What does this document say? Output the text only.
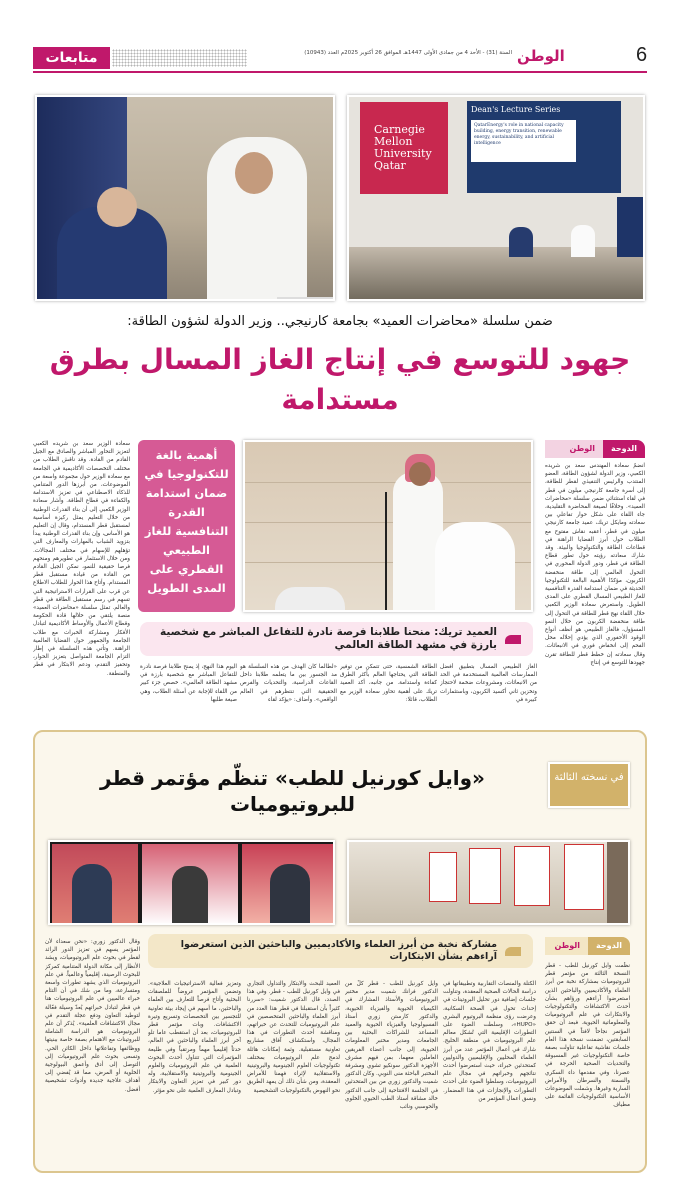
متابعات	السنة (31) - الأحد 4 من جمادى الأولى 1447هـ الموافق 26 أكتوبر 2025م العدد (10943) الوطن	6
Carnegie Mellon University Qatar
Dean's Lecture Series
QatarEnergy's role in national capacity building, energy transition, renewable energy, sustainability, and artificial intelligence
ضمن سلسلة «محاضرات العميد» بجامعة كارنيجي.. وزير الدولة لشؤون الطاقة:
جهود للتوسع في إنتاج الغاز المسال بطرق مستدامة
الدوحة
الوطن
انضمّ سعادة المهندس سعد بن شريده الكعبي، وزير الدولة لشؤون الطاقة، العضو المنتدب والرئيس التنفيذي لقطر للطاقة، إلى أسرة جامعة كارنيجي ميلون في قطر في لقاء استثنائي ضمن سلسلة «محاضرات العميد». وخلافًا لصيغة المحاضرة التقليدية، جاء اللقاء على شكل حوار تفاعلي بين سعادته ومايكل تريك، عميد جامعة كارنيجي ميلون في قطر، أعقبه نقاش مفتوح مع الطلاب حول أبرز القضايا الراهنة في قطاعات الطاقة والتكنولوجيا والبيئة. وقد شارك سعادته رؤيته حول تطور قطاع الطاقة في قطر، ودور الدولة المحوري في التحول العالمي إلى طاقة منخفضة الكربون، مؤكدًا الأهمية البالغة للتكنولوجيا الحديثة في ضمان استدامة القدرة التنافسية للغاز الطبيعي المسال القطري على المدى الطويل. واستعرض سعادة الوزير الكعبي خلال اللقاء نهج قطر للطاقة في التحول إلى طاقة منخفضة الكربون من خلال النمو المسؤول، فالغاز الطبيعي هو أنظف أنواع الوقود الأحفوري الذي يؤدي إحلاله محل الفحم إلى انخفاض فوري في الانبعاثات. وقال سعادته إن خطط قطر للطاقة تقرن جهودها للتوسع في إنتاج
أهمية بالغة للتكنولوجيا في ضمان استدامة القدرة التنافسية للغاز الطبيعي القطري على المدى الطويل
سعادة الوزير سعد بن شريده الكعبي لتعزيز التحاور المباشر والصادق مع الجيل القادم من القادة. وقد ناقش الطلاب من مختلف التخصصات الأكاديمية في الجامعة مع سعادة الوزير حول مجموعة واسعة من الموضوعات، من أبرزها الدور المتنامي للذكاء الاصطناعي في تعزيز الاستدامة والكفاءة في قطاع الطاقة. وأشار سعادة الوزير الكعبي إلى أن بناء القدرات الوطنية من خلال التعليم يمثل ركيزة أساسية لمستقبل قطر المستدام، وقال إن التعليم هو الأساس، وإن بناء القدرات الوطنية يبدأ بتزويد الشباب بالمهارات والمعارف التي تؤهلهم للإسهام في مختلف المجالات. ومن خلال الاستثمار في تطويرهم ومنحهم فرصا حقيقية للنمو، نمكن الجيل القادم من القادة من قيادة مستقبل قطر المستدام. وأتاح هذا الحوار للطلاب الاطلاع عن قرب على القرارات الاستراتيجية التي تسهم في رسم مستقبل الطاقة في قطر والعالم. تمثل سلسلة «محاضرات العميد» منصة يلتقي من خلالها قادة الحكومة وقطاع الأعمال والأوساط الأكاديمية لتبادل الأفكار ومشاركة الخبرات مع طلاب الجامعة والجمهور حول القضايا العالمية الراهنة. وتأتي هذه السلسلة في إطار التزام الجامعة المتواصل بتعزيز الحوار، وتحفيز التقدم، ودعم الابتكار في قطر والمنطقة.
العميد تريك: منحنا طلابنا فرصة نادرة للتفاعل المباشر مع شخصية بارزة في مشهد الطاقة العالمي
الغاز الطبيعي المسال بتطبيق أفضل الممارسات العالمية المستخدمة في الحد من الانبعاثات، ومشروعات ضخمة لاحتجاز وتخزين ثاني أكسيد الكربون، وباستثمارات كبيرة في
الطاقة الشمسية، حتى تتمكن من توفير الطاقة التي يحتاجها العالم بأكثر الطرق كفاءة واستدامة. من جانبه، أكد العميد تريك على أهمية تحاور سعادة الوزير مع الطلاب، قائلا:
«لطالما كان الهدف من هذه السلسلة هو مد الجسور بين ما يتعلمه طلابنا داخل القاعات الدراسية، والتحديات والفرص الحقيقية التي تنتظرهم في العالم الواقعي». وأضاف: «يؤكد لقاء
اليوم هذا النهج، إذ يمنح طلابنا فرصة نادرة للتفاعل المباشر مع شخصية بارزة في مشهد الطاقة العالمي». خصص جزء كبير من اللقاء للإجابة عن أسئلة الطلاب، وهي صيغة طلبها
في نسخته الثالثة
«وايل كورنيل للطب» تنظّم مؤتمر قطر للبروتيوميات
الدوحة
الوطن
مشاركة نخبة من أبرز العلماء والأكاديميين والباحثين الذين استعرضوا آراءهم بشأن الابتكارات
نظّمت وايل كورنيل للطب - قطر النسخة الثالثة من مؤتمر قطر للبروتيوميات بمشاركة نخبة من أبرز العلماء والأكاديميين والباحثين الذين استعرضوا آراءهم ورؤاهم بشأن أحدث الاكتشافات والتكنولوجيات والابتكارات في علم البروتيوميات والمعلوماتية الحيوية. فبعد أن حقق المؤتمر نجاحاً لافتاً في السنتين السابقتين، تضمنت نسخة هذا العام جلسات نقاشية تفاعلية تناولت بصفة خاصة التكنولوجيات غير المسبوقة والتحديات الصحية الحرجة في عصرنا، وفي مقدمها داء السكري والسمنة والسرطان والأمراض السارية وغيرها. وشملت الموضوعات الأساسية التكنولوجيات القائمة على مطياف
الكتلة والمنصات التقاربية وتطبيقاتها في دراسة الحالات الصحية المعقدة، وتناولت جلسات إضافية دور تحليل البروتينات في إحداث تحول في الصحة السكانية، وعرضت رؤى منظمة البروتيوم البشري «HUPO»، وسلطت الضوء على التطورات الإقليمية التي تُشكل معالم علم البروتيوميات في منطقة الخليج. شارك في أعمال المؤتمر عدد من أبرز العلماء المحليين والإقليميين والدوليين كمتحدثين خبراء، حيث استعرضوا أحدث نتائجهم وخبراتهم في مجال علم البروتيوميات، وسلطوا الضوء على أحدث التطورات والإنجازات في هذا المضمار. ونسق أعمال المؤتمر من
وايل كورنيل للطب - قطر كلٌ من الدكتور فرانك شميت مدير مختبر البروتيوميات والأستاذ المشارك في الكيمياء الحيوية والفيزياء الحيوية، والدكتور كارستن زوري أستاذ الفسيولوجيا والفيزياء الحيوية والعميد المساعد للشراكات البحثية بين الجامعات ومدير مختبر المعلومات الحيوية، إلى جانب أعضاء الفريقين العاملين معهما، بمن فيهم مشرف الأجهزة الدكتور سونكيو تشوي ومشرفة المختبر الباحثة منى النوبي. وكان الدكتور شميت والدكتور زوري من بين المتحدثين في الجلسة الافتتاحية إلى جانب الدكتور خالد مشاقة أستاذ الطب الحيوي الخلوي والحوسبي ونائب
العميد للبحث والابتكار والتداول التجاري في وايل كورنيل للطب - قطر. وفي هذا الصدد، قال الدكتور شميت: «سررنا كثيراً بأن استقبلنا في قطر هذا العدد من أبرز العلماء والباحثين المتخصصين في علم البروتيوميات للتحدث عن خبراتهم، ومناقشة أحدث التطورات في هذا المجال، واستكشاف آفاق مشاريع تعاونية مستقبلية. وثمة إمكانات هائلة لدمج علم البروتيوميات بمختلف تكنولوجيات العلوم الجينومية والبروتينية والاستقلابية لإثراء فهمنا للأمراض المعقدة، ومن شأن ذلك أن يمهد الطريق نحو النهوض بالتكنولوجيات التشخيصية
وتعزيز فعالية الاستراتيجيات العلاجية». وتضمن المؤتمر عروضاً للملصقات البحثية وأتاح فرصاً للتعارف بين العلماء والباحثين، ما أسهم في إيجاد بيئة تعاونية للتجسير بين التخصصات وتسريع وتيرة الاكتشافات. وبات مؤتمر قطر للبروتيوميات، بعد أن استقطب عاما تلو آخر أبرز العلماء والباحثين في العالم، حدثاً إقليمياً مهماً ومرتقباً وفي طليعة المؤتمرات التي تتناول أحدث البحوث العلمية في علم البروتيوميات والعلوم الجينومية والبروتينية والاستقلابية، وله دور كبير في تعزيز التعاون والابتكار وتبادل المعارف العلمية على نحو مؤثر.
وقال الدكتور زوري: «نحن سعداء لأن المؤتمر يسهم في تعزيز الدور الرائد لقطر في بحوث علم البروتيوميات، ويشد الأنظار إلى مكانة الدولة المتنامية كمركز للبحوث الرصينة، إقليمياً وعالمياً. في علم البروتيوميات الذي يشهد تطورات واسعة ومتسارعة، وما من شك في أن التئام خبراء عالميين في علم البروتيوميات هنا في قطر لتبادل خبراتهم يُعدّ وسيلة فعّالة لتوطيد التعاون ودفع عجلة التقدم في مجال الاكتشافات العلمية». يُذكر أن علم البروتيوميات هو الدراسة الشاملة للبروتينات مع الاهتمام بصفة خاصة ببنيتها ووظائفها وتفاعلاتها داخل الكائن الحي. وتسعى بحوث علم البروتيوميات إلى التوصل إلى أدق وأعمق البيولوجية الخلوية أو المرض، مما قد يُفضي إلى أهداف علاجية جديدة وأدوات تشخيصية أفضل.
